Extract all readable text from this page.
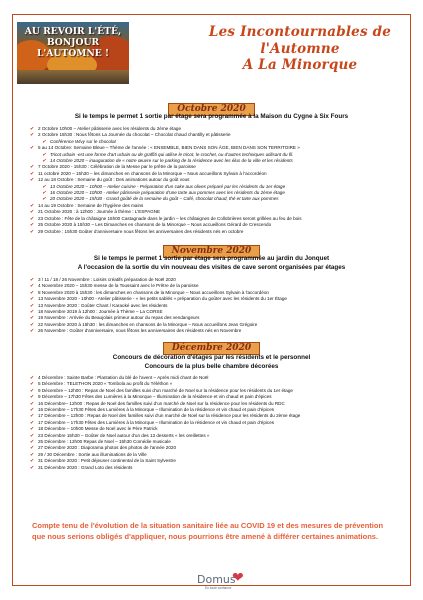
AU REVOIR L'ÉTÉ,
BONJOUR L'AUTOMNE !
Les Incontournables de
l'Automne
A La Minorque
Octobre 2020
Si le temps le permet 1 sortie par étage sera programmée à la Maison du Cygne à Six Fours
✔ 2 Octobre 10h00 – Atelier pâtisserie avec les résidents du 2ème étage
✔ 2 Octobre 15h30 : Nous fêtons La Journée du chocolat – Chocolat chaud chantilly et pâtisserie
✔ Conférence Wivy sur le chocolat
✔ 5 au 14 Octobre: Semaine Bleue – Thème de l'année : « ENSEMBLE, BIEN DANS SON ÂGE, BIEN DANS SON TERRITOIRE »
✔ Tricot urbain -est une forme d'art urbain ou de graffiti qui utilise le tricot, le crochet, ou d'autres techniques utilisant du fil.
✔ 14 Octobre 2020 – inauguration de « notre œuvre sur le parking de la résidence avec les élus de la ville et les résidents
✔ 7 Octobre 2020 - 15h30 : Célébration de la Messe par le prêtre de la paroisse
✔ 11 octobre 2020 – 15h30 – les dimanches en chansons de la Minorque – Nous accueillons Sylvain à l'accordéon
✔ 12 au 18 Octobre : Semaine du goût : Des animations autour du goût vous
✔ 13 Octobre 2020 – 10h00 – Atelier cuisine - Préparation d'un cake aux olives préparé par les résidents du 1er étage
✔ 16 Octobre 2020 – 10h00 - Atelier pâtisserie préparation d'une tarte aux pommes avec les résidents du 2ème étage
✔ 20 Octobre 2020 – 15h30 - Grand goûté de la semaine du goût – Café, chocolat chaud, thé et tarte aux pommes
✔ 14 au 19 Octobre : Semaine de l'hygiène des mains
✔ 21 Octobre 2020 : à 12h00 : Journée à thème : L'ESPAGNE
✔ 23 Octobre : Fête de la châtaigne 15h00 Castagnade dans le jardin – les châtaignes de Collobrières seront grillées au feu de bois
✔ 25 Octobre 2020 à 15h30 – Les Dimanches en chansons de la Minorque – Nous accueillons Gérard de Crescendo
✔ 29 Octobre : 15h30 Goûter d'anniversaire nous fêtons les anniversaires des résidents nés en octobre
Novembre 2020
Si le temps le permet 1 sortie par étage sera programmée au jardin du Jonquet
A l'occasion de la sortie du vin nouveau des visites de cave seront organisées par étages
✔ 3 / 11 / 18 / 26 Novembre : Loisirs créatifs préparation de Noël 2020
✔ 4 Novembre 2020 – 15h30 messe de la Toussaint avec le Prêtre de la paroisse
✔ 8 Novembre 2020 à 15h30 : les dimanches en chansons de la Minorque – Nous accueillons Sylvain à l'accordéon
✔ 13 Novembre 2020 - 10h00 - Atelier pâtisserie - « les petits sablés » préparation du goûter avec les résidents du 1er Étage
✔ 13 Novembre 2020 : Goûter Chant / Karaoké avec les résidents
✔ 18 Novembre 2019 à 12h00 : Journée à Thème – La CORSE
✔ 19 Novembre : Arrivée du Beaujolais primeur autour du repas des vendangeurs
✔ 22 Novembre 2020 à 15h30 : les dimanches en chansons de la Minorque – Nous accueillons Jean Grégoire
✔ 26 Novembre : Goûter d'anniversaire, nous fêtons les anniversaires des résidents nés en Novembre
Décembre 2020
Concours de décoration d'étages par les résidents et le personnel
Concours de la plus belle chambre décorées
✔ 4 Décembre : Sainte Barbe : Plantation du blé de l'avent – Après midi chant de Noël
✔ 5 Décembre : TELETHON 2020 « Tombola au profit du Téléthon »
✔ 9 Décembre – 12h00 : Repas de Noel des familles suivi d'un marché de Noel sur la résidence pour les résidents du 1er étage
✔ 9 Décembre – 17h30 Fêtes des Lumières à la Minorque – Illumination de la résidence et vin chaud et pain d'épices
✔ 16 Décembre– 12h00 : Repas de Noel des familles suivi d'un marché de Noel sur la résidence pour les résidents du RDC
✔ 16 Décembre – 17h30 Fêtes des Lumières à la Minorque – Illumination de la résidence et vin chaud et pain d'épices
✔ 17 Décembre – 12h00 : Repas de Noel des familles suivi d'un marché de Noel sur la résidence pour les résidents du 2ème étage
✔ 17 Décembre – 17h30 Fêtes des Lumières à la Minorque – Illumination de la résidence et vin chaud et pain d'épices
✔ 18 Décembre – 10h00 Messe de Noel avec le Père Patrick
✔ 23 Décembre 15h30 – Goûter de Noel autour d'un des 13 desserts « les oreillettes »
✔ 25 Décembre : 12h00 Repas de Noel – 15h30 Comédie musicale
✔ 27 Décembre 2020 : Diaporama photos des photos de l'année 2020
✔ 29 / 30 Décembre : Sortie aux illuminations de la Ville
✔ 31 Décembre 2020 : Petit déjeuner continental de la Saint Sylvestre
✔ 31 Décembre 2020 : Grand Loto des résidents
Compte tenu de l'évolution de la situation sanitaire liée au COVID 19 et des mesures de prévention que nous serions obligés d'appliquer, nous pourrions être amené à différer certaines animations.
Domus
❤
En toute confiance
